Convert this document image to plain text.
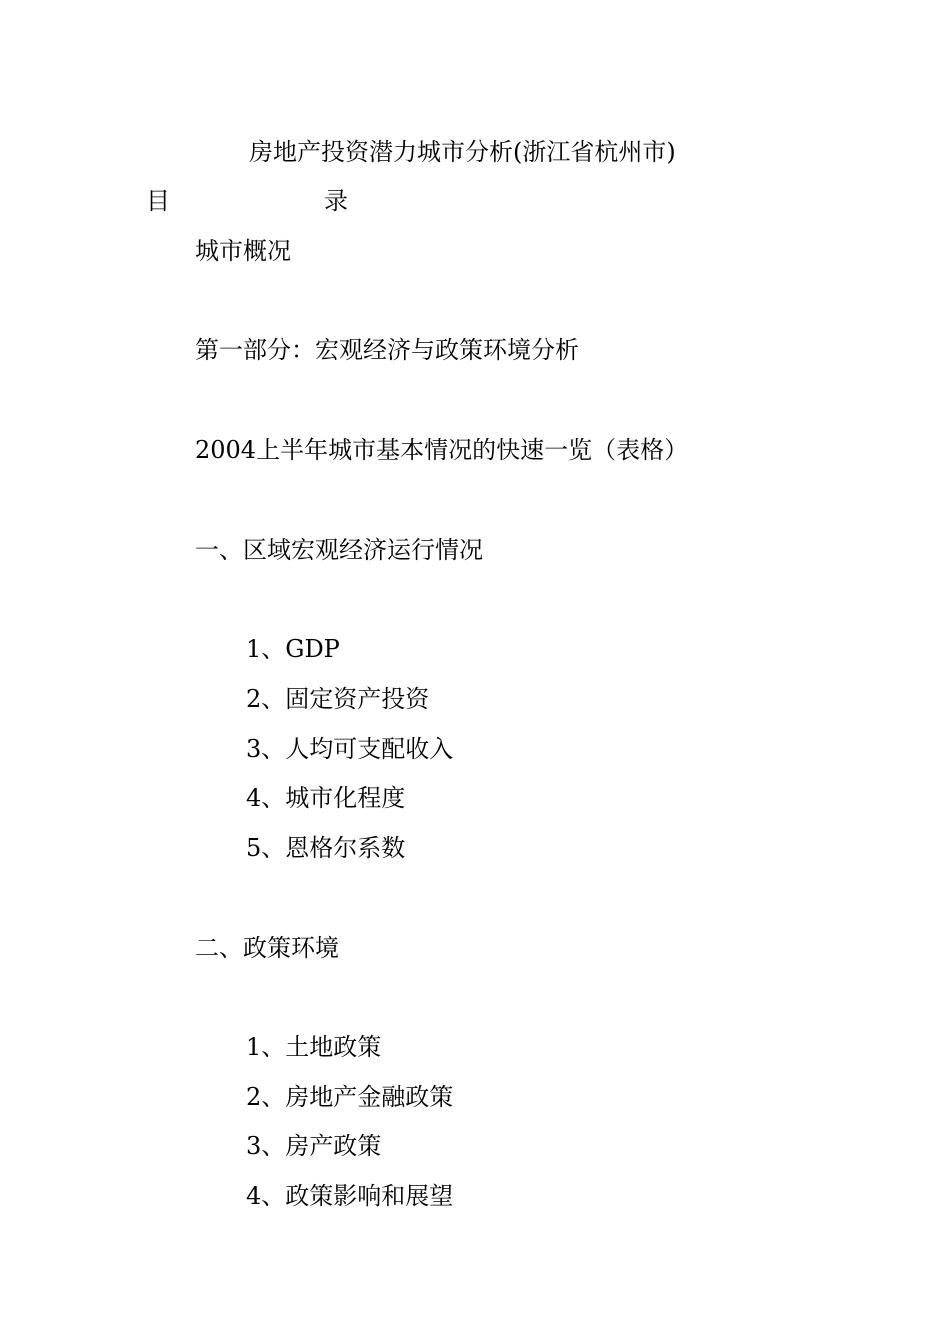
房地产投资潜力城市分析(浙江省杭州市)
目	录
城市概况
第一部分：宏观经济与政策环境分析
2004上半年城市基本情况的快速一览（表格）
一、区域宏观经济运行情况
1、GDP
2、固定资产投资
3、人均可支配收入
4、城市化程度
5、恩格尔系数
二、政策环境
1、土地政策
2、房地产金融政策
3、房产政策
4、政策影响和展望
